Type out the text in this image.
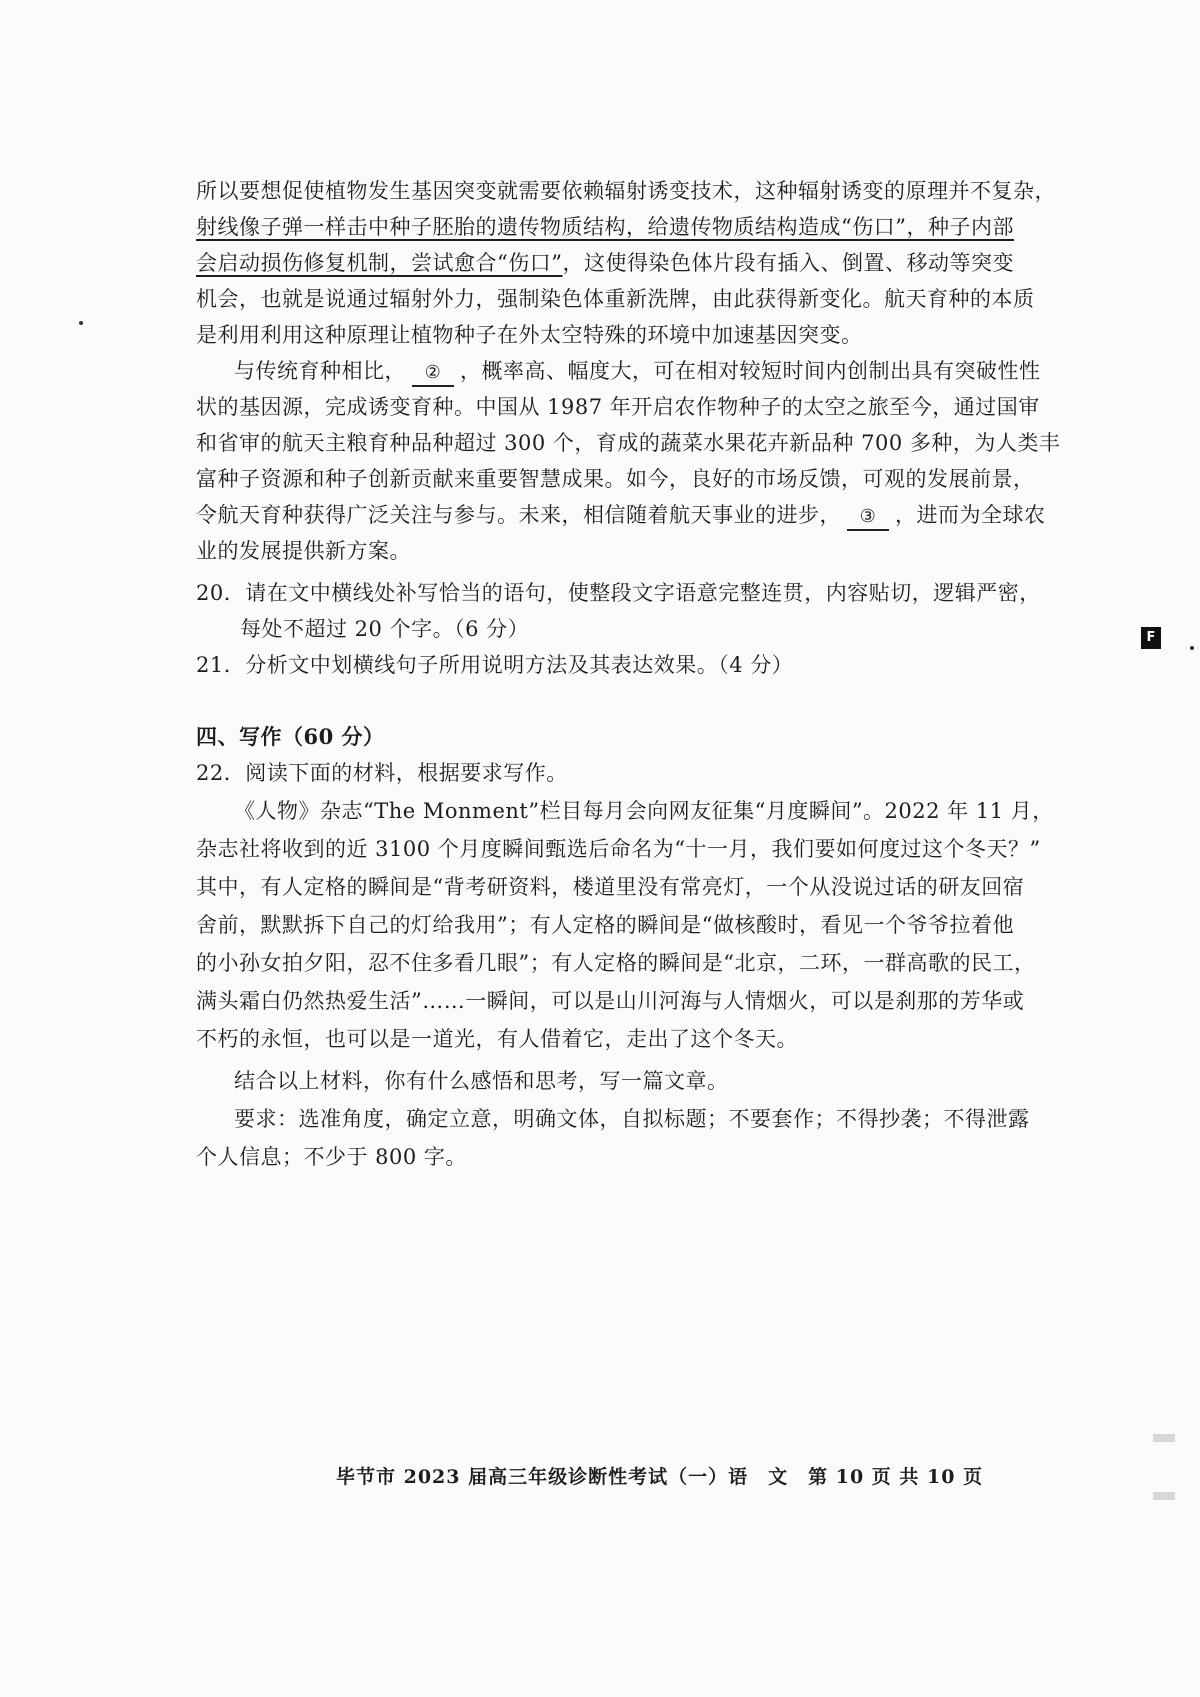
所以要想促使植物发生基因突变就需要依赖辐射诱变技术，这种辐射诱变的原理并不复杂，
射线像子弹一样击中种子胚胎的遗传物质结构，给遗传物质结构造成“伤口”，种子内部
会启动损伤修复机制，尝试愈合“伤口”，这使得染色体片段有插入、倒置、移动等突变
机会，也就是说通过辐射外力，强制染色体重新洗牌，由此获得新变化。航天育种的本质
是利用利用这种原理让植物种子在外太空特殊的环境中加速基因突变。
与传统育种相比， ② ，概率高、幅度大，可在相对较短时间内创制出具有突破性性
状的基因源，完成诱变育种。中国从 1987 年开启农作物种子的太空之旅至今，通过国审
和省审的航天主粮育种品种超过 300 个，育成的蔬菜水果花卉新品种 700 多种，为人类丰
富种子资源和种子创新贡献来重要智慧成果。如今，良好的市场反馈，可观的发展前景，
令航天育种获得广泛关注与参与。未来，相信随着航天事业的进步， ③ ，进而为全球农
业的发展提供新方案。
20．请在文中横线处补写恰当的语句，使整段文字语意完整连贯，内容贴切，逻辑严密，
每处不超过 20 个字。（6 分）
21．分析文中划横线句子所用说明方法及其表达效果。（4 分）
四、写作（60 分）
22．阅读下面的材料，根据要求写作。
《人物》杂志“The Monment”栏目每月会向网友征集“月度瞬间”。2022 年 11 月，
杂志社将收到的近 3100 个月度瞬间甄选后命名为“十一月，我们要如何度过这个冬天？”
其中，有人定格的瞬间是“背考研资料，楼道里没有常亮灯，一个从没说过话的研友回宿
舍前，默默拆下自己的灯给我用”；有人定格的瞬间是“做核酸时，看见一个爷爷拉着他
的小孙女拍夕阳，忍不住多看几眼”；有人定格的瞬间是“北京，二环，一群高歌的民工，
满头霜白仍然热爱生活”……一瞬间，可以是山川河海与人情烟火，可以是刹那的芳华或
不朽的永恒，也可以是一道光，有人借着它，走出了这个冬天。
结合以上材料，你有什么感悟和思考，写一篇文章。
要求：选准角度，确定立意，明确文体，自拟标题；不要套作；不得抄袭；不得泄露
个人信息；不少于 800 字。
毕节市 2023 届高三年级诊断性考试（一）语　文　第 10 页 共 10 页
F
